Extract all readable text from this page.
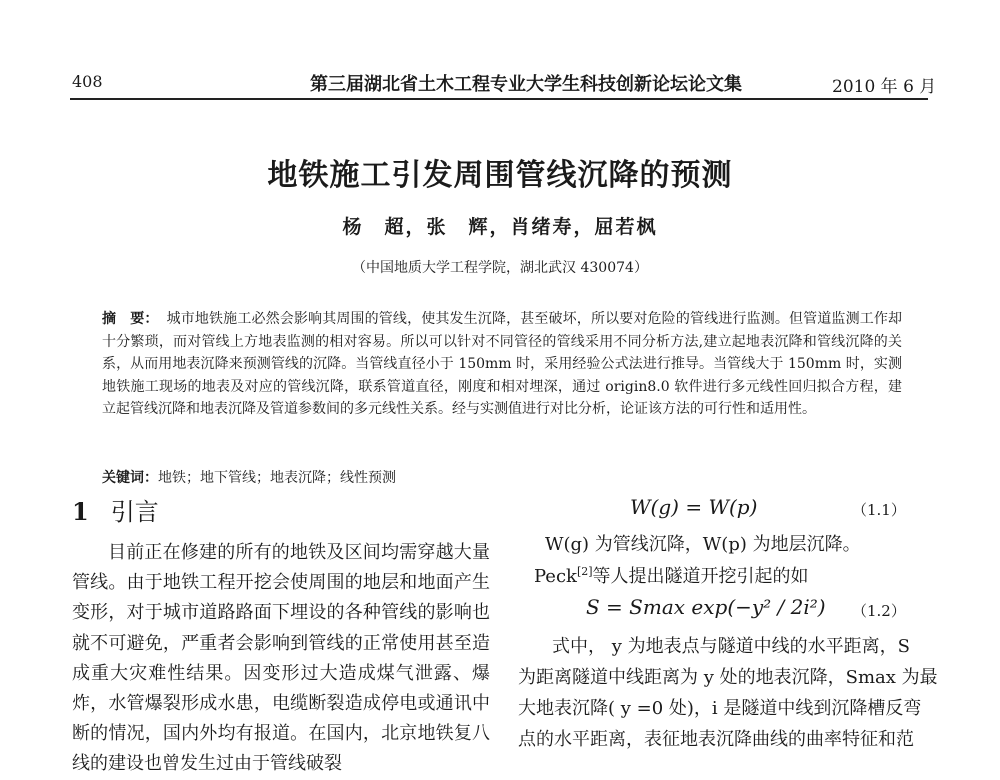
408	第三届湖北省土木工程专业大学生科技创新论坛论文集	2010 年 6 月
地铁施工引发周围管线沉降的预测
杨　超，张　辉，肖绪寿，屈若枫
（中国地质大学工程学院，湖北武汉 430074）
摘　要： 城市地铁施工必然会影响其周围的管线，使其发生沉降，甚至破坏，所以要对危险的管线进行监测。但管道监测工作却十分繁琐，而对管线上方地表监测的相对容易。所以可以针对不同管径的管线采用不同分析方法,建立起地表沉降和管线沉降的关系，从而用地表沉降来预测管线的沉降。当管线直径小于 150mm 时，采用经验公式法进行推导。当管线大于 150mm 时，实测地铁施工现场的地表及对应的管线沉降，联系管道直径，刚度和相对埋深，通过 origin8.0 软件进行多元线性回归拟合方程，建立起管线沉降和地表沉降及管道参数间的多元线性关系。经与实测值进行对比分析，论证该方法的可行性和适用性。
关键词：地铁；地下管线；地表沉降；线性预测
1 引言
目前正在修建的所有的地铁及区间均需穿越大量管线。由于地铁工程开挖会使周围的地层和地面产生变形，对于城市道路路面下埋设的各种管线的影响也就不可避免，严重者会影响到管线的正常使用甚至造成重大灾难性结果。因变形过大造成煤气泄露、爆炸，水管爆裂形成水患，电缆断裂造成停电或通讯中断的情况，国内外均有报道。在国内，北京地铁复八线的建设也曾发生过由于管线破裂
W(g) = W(p)	（1.1）
W(g) 为管线沉降，W(p) 为地层沉降。
Peck[2]等人提出隧道开挖引起的如
S = Smax exp(−y² / 2i²) （1.2）
式中， y 为地表点与隧道中线的水平距离，S
为距离隧道中线距离为 y 处的地表沉降，Smax 为最
大地表沉降( y =0 处)，i 是隧道中线到沉降槽反弯
点的水平距离，表征地表沉降曲线的曲率特征和范
